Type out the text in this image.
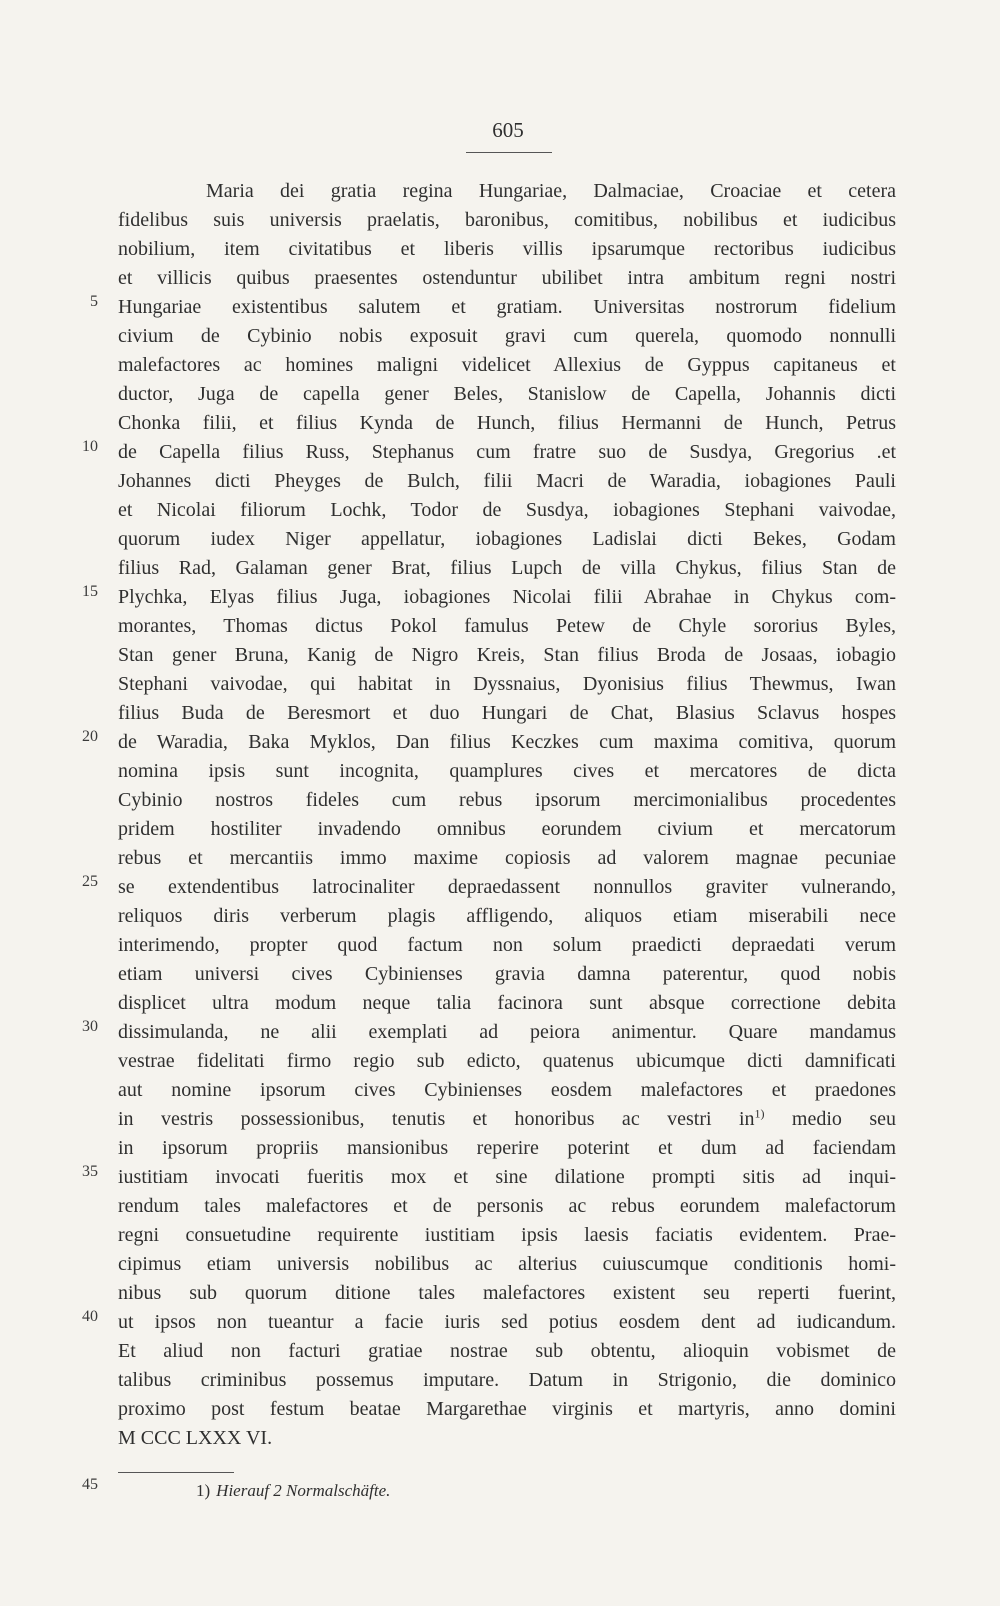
605
Maria dei gratia regina Hungariae, Dalmaciae, Croaciae et cetera
fidelibus suis universis praelatis, baronibus, comitibus, nobilibus et iudicibus
nobilium, item civitatibus et liberis villis ipsarumque rectoribus iudicibus
et villicis quibus praesentes ostenduntur ubilibet intra ambitum regni nostri
Hungariae existentibus salutem et gratiam. Universitas nostrorum fidelium
civium de Cybinio nobis exposuit gravi cum querela, quomodo nonnulli
malefactores ac homines maligni videlicet Allexius de Gyppus capitaneus et
ductor, Juga de capella gener Beles, Stanislow de Capella, Johannis dicti
Chonka filii, et filius Kynda de Hunch, filius Hermanni de Hunch, Petrus
de Capella filius Russ, Stephanus cum fratre suo de Susdya, Gregorius .et
Johannes dicti Pheyges de Bulch, filii Macri de Waradia, iobagiones Pauli
et Nicolai filiorum Lochk, Todor de Susdya, iobagiones Stephani vaivodae,
quorum iudex Niger appellatur, iobagiones Ladislai dicti Bekes, Godam
filius Rad, Galaman gener Brat, filius Lupch de villa Chykus, filius Stan de
Plychka, Elyas filius Juga, iobagiones Nicolai filii Abrahae in Chykus com-
morantes, Thomas dictus Pokol famulus Petew de Chyle sororius Byles,
Stan gener Bruna, Kanig de Nigro Kreis, Stan filius Broda de Josaas, iobagio
Stephani vaivodae, qui habitat in Dyssnaius, Dyonisius filius Thewmus, Iwan
filius Buda de Beresmort et duo Hungari de Chat, Blasius Sclavus hospes
de Waradia, Baka Myklos, Dan filius Keczkes cum maxima comitiva, quorum
nomina ipsis sunt incognita, quamplures cives et mercatores de dicta
Cybinio nostros fideles cum rebus ipsorum mercimonialibus procedentes
pridem hostiliter invadendo omnibus eorundem civium et mercatorum
rebus et mercantiis immo maxime copiosis ad valorem magnae pecuniae
se extendentibus latrocinaliter depraedassent nonnullos graviter vulnerando,
reliquos diris verberum plagis affligendo, aliquos etiam miserabili nece
interimendo, propter quod factum non solum praedicti depraedati verum
etiam universi cives Cybinienses gravia damna paterentur, quod nobis
displicet ultra modum neque talia facinora sunt absque correctione debita
dissimulanda, ne alii exemplati ad peiora animentur. Quare mandamus
vestrae fidelitati firmo regio sub edicto, quatenus ubicumque dicti damnificati
aut nomine ipsorum cives Cybinienses eosdem malefactores et praedones
in vestris possessionibus, tenutis et honoribus ac vestri $in^{1)}$ medio seu
in ipsorum propriis mansionibus reperire poterint et dum ad faciendam
iustitiam invocati fueritis mox et sine dilatione prompti sitis ad inqui-
rendum tales malefactores et de personis ac rebus eorundem malefactorum
regni consuetudine requirente iustitiam ipsis laesis faciatis evidentem. Prae-
cipimus etiam universis nobilibus ac alterius cuiuscumque conditionis homi-
nibus sub quorum ditione tales malefactores existent seu reperti fuerint,
ut ipsos non tueantur a facie iuris sed potius eosdem dent ad iudicandum.
Et aliud non facturi gratiae nostrae sub obtentu, alioquin vobismet de
talibus criminibus possemus imputare. Datum in Strigonio, die dominico
proximo post festum beatae Margarethae virginis et martyris, anno domini
M CCC LXXX VI.
5
10
15
20
25
30
35
40
45	1) Hierauf 2 Normalschäfte.
